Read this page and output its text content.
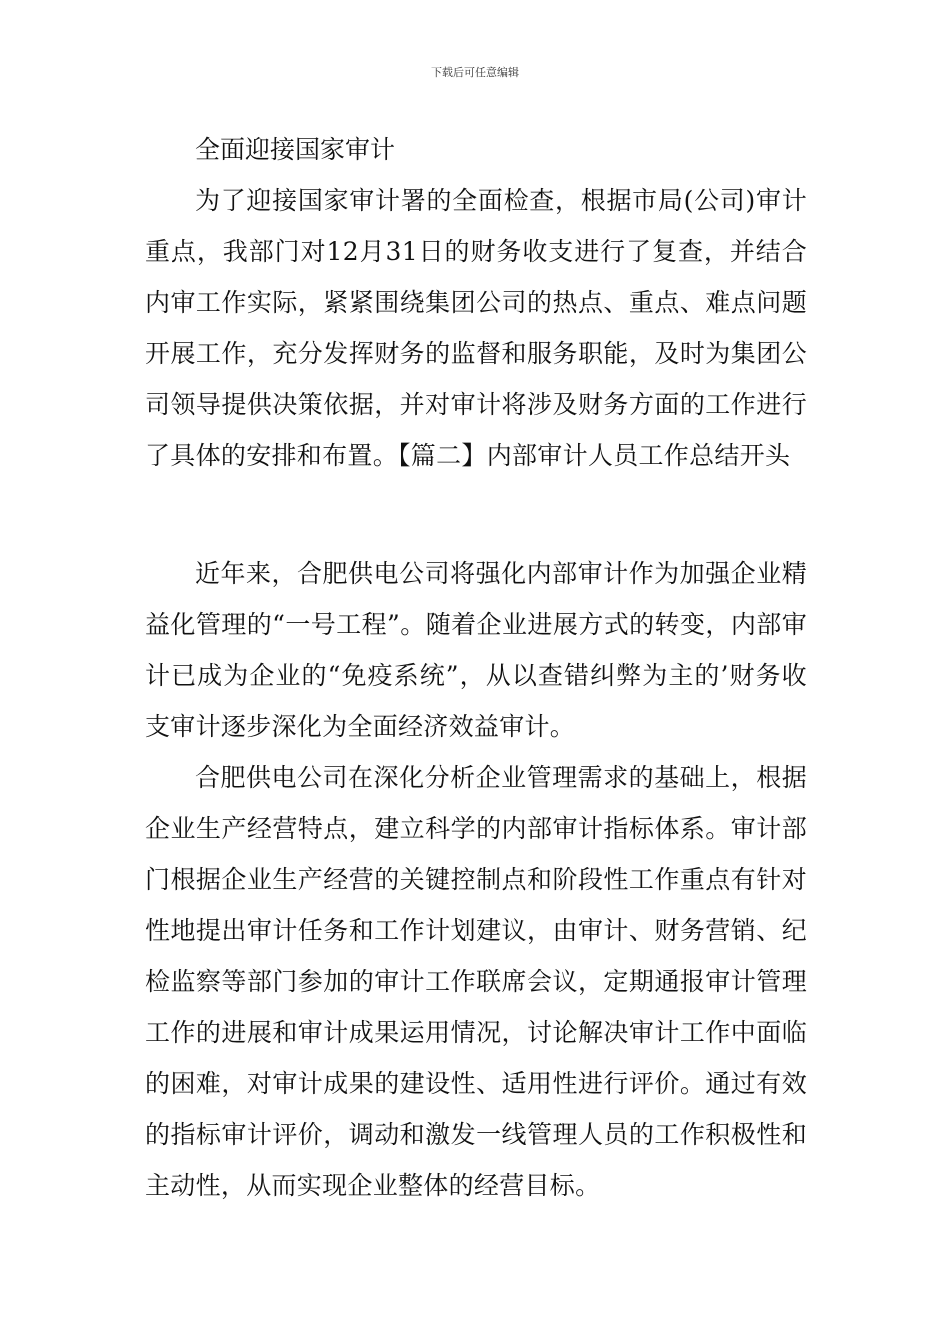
下载后可任意编辑

全面迎接国家审计

为了迎接国家审计署的全面检查，根据市局(公司)审计重点，我部门对12月31日的财务收支进行了复查，并结合内审工作实际，紧紧围绕集团公司的热点、重点、难点问题开展工作，充分发挥财务的监督和服务职能，及时为集团公司领导提供决策依据，并对审计将涉及财务方面的工作进行了具体的安排和布置。【篇二】内部审计人员工作总结开头

近年来，合肥供电公司将强化内部审计作为加强企业精益化管理的“一号工程”。随着企业进展方式的转变，内部审计已成为企业的“免疫系统”，从以查错纠弊为主的’财务收支审计逐步深化为全面经济效益审计。

合肥供电公司在深化分析企业管理需求的基础上，根据企业生产经营特点，建立科学的内部审计指标体系。审计部门根据企业生产经营的关键控制点和阶段性工作重点有针对性地提出审计任务和工作计划建议，由审计、财务营销、纪检监察等部门参加的审计工作联席会议，定期通报审计管理工作的进展和审计成果运用情况，讨论解决审计工作中面临的困难，对审计成果的建设性、适用性进行评价。通过有效的指标审计评价，调动和激发一线管理人员的工作积极性和主动性，从而实现企业整体的经营目标。
